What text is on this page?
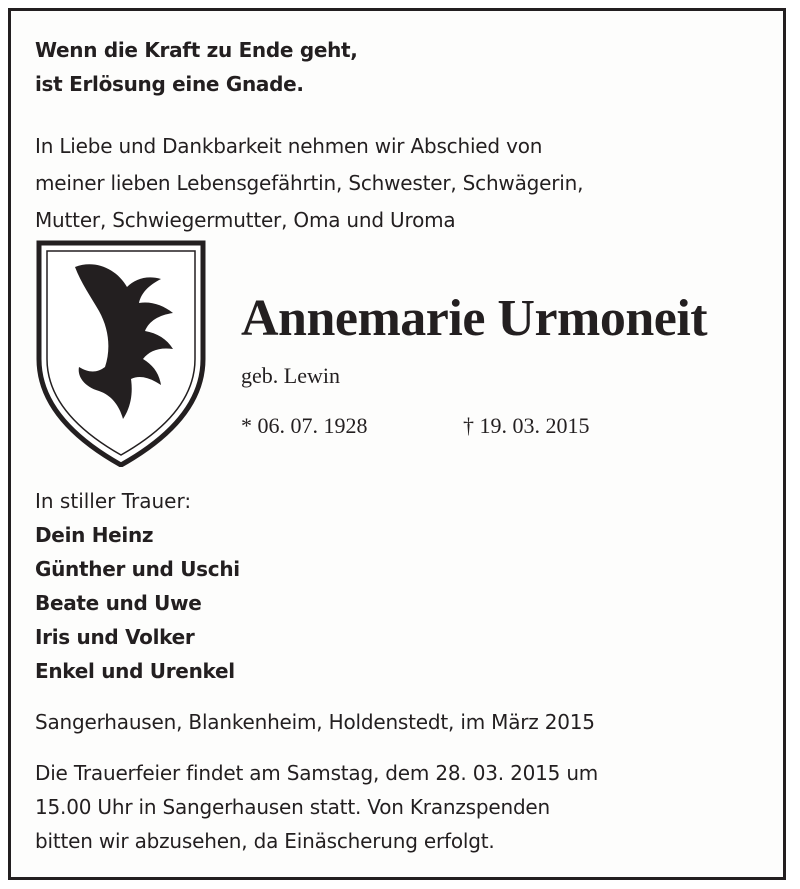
Wenn die Kraft zu Ende geht,
ist Erlösung eine Gnade.

In Liebe und Dankbarkeit nehmen wir Abschied von
meiner lieben Lebensgefährtin, Schwester, Schwägerin,
Mutter, Schwiegermutter, Oma und Uroma

Annemarie Urmoneit

geb. Lewin

* 06. 07. 1928	† 19. 03. 2015

In stiller Trauer:

Dein Heinz
Günther und Uschi
Beate und Uwe
Iris und Volker
Enkel und Urenkel

Sangerhausen, Blankenheim, Holdenstedt, im März 2015

Die Trauerfeier findet am Samstag, dem 28. 03. 2015 um
15.00 Uhr in Sangerhausen statt. Von Kranzspenden
bitten wir abzusehen, da Einäscherung erfolgt.
